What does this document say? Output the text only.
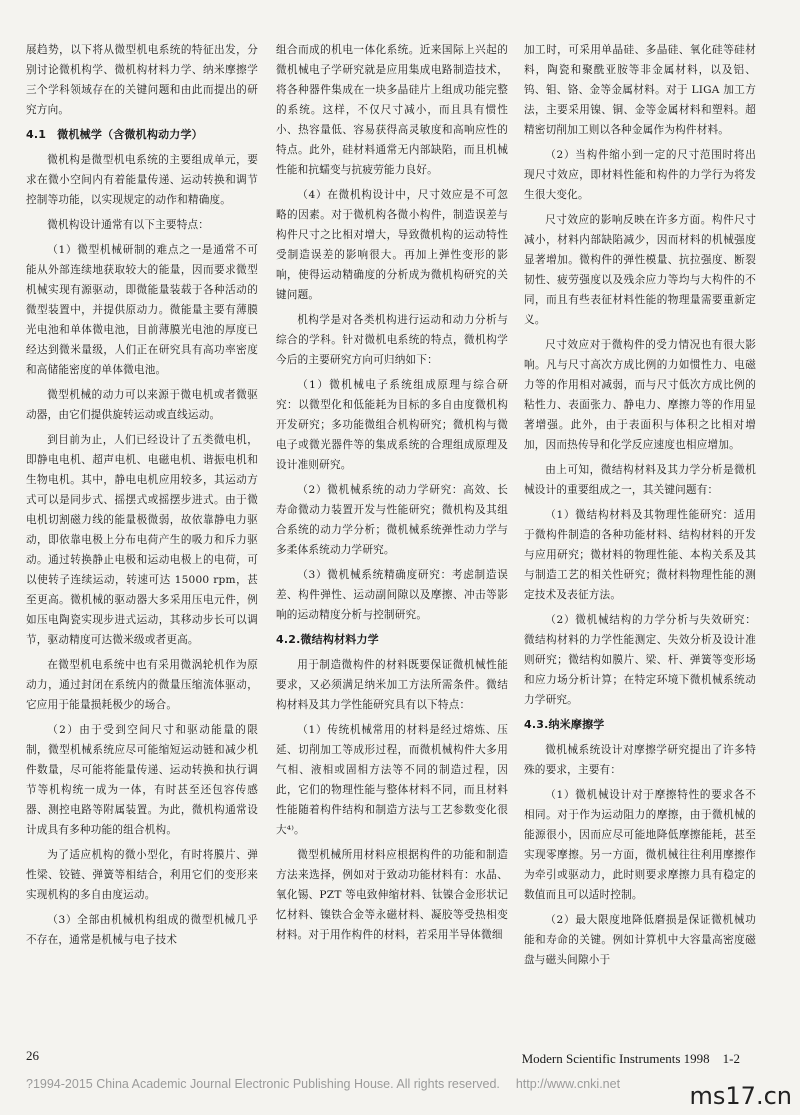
展趋势，以下将从微型机电系统的特征出发，分别讨论微机构学、微机构材料力学、纳米摩擦学三个学科领域存在的关键问题和由此而提出的研究方向。

4.1　微机械学（含微机构动力学）

微机构是微型机电系统的主要组成单元，要求在微小空间内有着能量传递、运动转换和调节控制等功能，以实现规定的动作和精确度。

微机构设计通常有以下主要特点：

（1）微型机械研制的难点之一是通常不可能从外部连续地获取较大的能量，因而要求微型机械实现有源驱动，即微能量装载于各种活动的微型装置中，并提供原动力。微能量主要有薄膜光电池和单体微电池，目前薄膜光电池的厚度已经达到微米量级，人们正在研究具有高功率密度和高储能密度的单体微电池。

微型机械的动力可以来源于微电机或者微驱动器，由它们提供旋转运动或直线运动。

到目前为止，人们已经设计了五类微电机，即静电电机、超声电机、电磁电机、谐振电机和生物电机。其中，静电电机应用较多，其运动方式可以是同步式、摇摆式或摇摆步进式。由于微电机切割磁力线的能量极微弱，故依靠静电力驱动，即依靠电极上分布电荷产生的吸力和斥力驱动。通过转换静止电极和运动电极上的电荷，可以使转子连续运动，转速可达 15000 rpm，甚至更高。微机械的驱动器大多采用压电元件，例如压电陶瓷实现步进式运动，其移动步长可以调节，驱动精度可达微米级或者更高。

在微型机电系统中也有采用微涡轮机作为原动力，通过封闭在系统内的微量压缩流体驱动，它应用于能量损耗极少的场合。

（2）由于受到空间尺寸和驱动能量的限制，微型机械系统应尽可能缩短运动链和减少机件数量，尽可能将能量传递、运动转换和执行调节等机构统一成为一体，有时甚至还包容传感器、测控电路等附属装置。为此，微机构通常设计成具有多种功能的组合机构。

为了适应机构的微小型化，有时将膜片、弹性梁、铰链、弹簧等相结合，利用它们的变形来实现机构的多自由度运动。

（3）全部由机械机构组成的微型机械几乎不存在，通常是机械与电子技术

组合而成的机电一体化系统。近来国际上兴起的微机械电子学研究就是应用集成电路制造技术，将各种器件集成在一块多晶硅片上组成功能完整的系统。这样，不仅尺寸减小，而且具有惯性小、热容量低、容易获得高灵敏度和高响应性的特点。此外，硅材料通常无内部缺陷，而且机械性能和抗蠕变与抗疲劳能力良好。

（4）在微机构设计中，尺寸效应是不可忽略的因素。对于微机构各微小构件，制造误差与构件尺寸之比相对增大，导致微机构的运动特性受制造误差的影响很大。再加上弹性变形的影响，使得运动精确度的分析成为微机构研究的关键问题。

机构学是对各类机构进行运动和动力分析与综合的学科。针对微机电系统的特点，微机构学今后的主要研究方向可归纳如下：

（1）微机械电子系统组成原理与综合研究：以微型化和低能耗为目标的多自由度微机构开发研究；多功能微组合机构研究；微机构与微电子或微光器件等的集成系统的合理组成原理及设计准则研究。

（2）微机械系统的动力学研究：高效、长寿命微动力装置开发与性能研究；微机构及其组合系统的动力学分析；微机械系统弹性动力学与多柔体系统动力学研究。

（3）微机械系统精确度研究：考虑制造误差、构件弹性、运动副间隙以及摩擦、冲击等影响的运动精度分析与控制研究。

4.2.微结构材料力学

用于制造微构件的材料既要保证微机械性能要求，又必须满足纳米加工方法所需条件。微结构材料及其力学性能研究具有以下特点：

（1）传统机械常用的材料是经过熔炼、压延、切削加工等成形过程，而微机械构件大多用气相、液相或固相方法等不同的制造过程，因此，它们的物理性能与整体材料不同，而且材料性能随着构件结构和制造方法与工艺参数变化很大⁴⁾。

微型机械所用材料应根据构件的功能和制造方法来选择，例如对于致动功能材料有：水晶、氧化锡、PZT 等电致伸缩材料、钛镍合金形状记忆材料、镍铁合金等永磁材料、凝胶等受热相变材料。对于用作构件的材料，若采用半导体微细

加工时，可采用单晶硅、多晶硅、氧化硅等硅材料，陶瓷和聚酰亚胺等非金属材料，以及铝、钨、钼、铬、金等金属材料。对于 LIGA 加工方法，主要采用镍、铜、金等金属材料和塑料。超精密切削加工则以各种金属作为构件材料。

（2）当构件缩小到一定的尺寸范围时将出现尺寸效应，即材料性能和构件的力学行为将发生很大变化。

尺寸效应的影响反映在许多方面。构件尺寸减小，材料内部缺陷减少，因而材料的机械强度显著增加。微构件的弹性模量、抗拉强度、断裂韧性、疲劳强度以及残余应力等均与大构件的不同，而且有些表征材料性能的物理量需要重新定义。

尺寸效应对于微构件的受力情况也有很大影响。凡与尺寸高次方成比例的力如惯性力、电磁力等的作用相对减弱，而与尺寸低次方成比例的粘性力、表面张力、静电力、摩擦力等的作用显著增强。此外，由于表面积与体积之比相对增加，因而热传导和化学反应速度也相应增加。

由上可知，微结构材料及其力学分析是微机械设计的重要组成之一，其关键问题有：

（1）微结构材料及其物理性能研究：适用于微构件制造的各种功能材料、结构材料的开发与应用研究；微材料的物理性能、本构关系及其与制造工艺的相关性研究；微材料物理性能的测定技术及表征方法。

（2）微机械结构的力学分析与失效研究：微结构材料的力学性能测定、失效分析及设计准则研究；微结构如膜片、梁、杆、弹簧等变形场和应力场分析计算；在特定环境下微机械系统动力学研究。

4.3.纳米摩擦学

微机械系统设计对摩擦学研究提出了许多特殊的要求，主要有：

（1）微机械设计对于摩擦特性的要求各不相同。对于作为运动阻力的摩擦，由于微机械的能源很小，因而应尽可能地降低摩擦能耗，甚至实现零摩擦。另一方面，微机械往往利用摩擦作为牵引或驱动力，此时则要求摩擦力具有稳定的数值而且可以适时控制。

（2）最大限度地降低磨损是保证微机械功能和寿命的关键。例如计算机中大容量高密度磁盘与磁头间隙小于

26	Modern Scientific Instruments 1998　1-2
?1994-2015 China Academic Journal Electronic Publishing House. All rights reserved.　 http://www.cnki.net	ms17.cn
